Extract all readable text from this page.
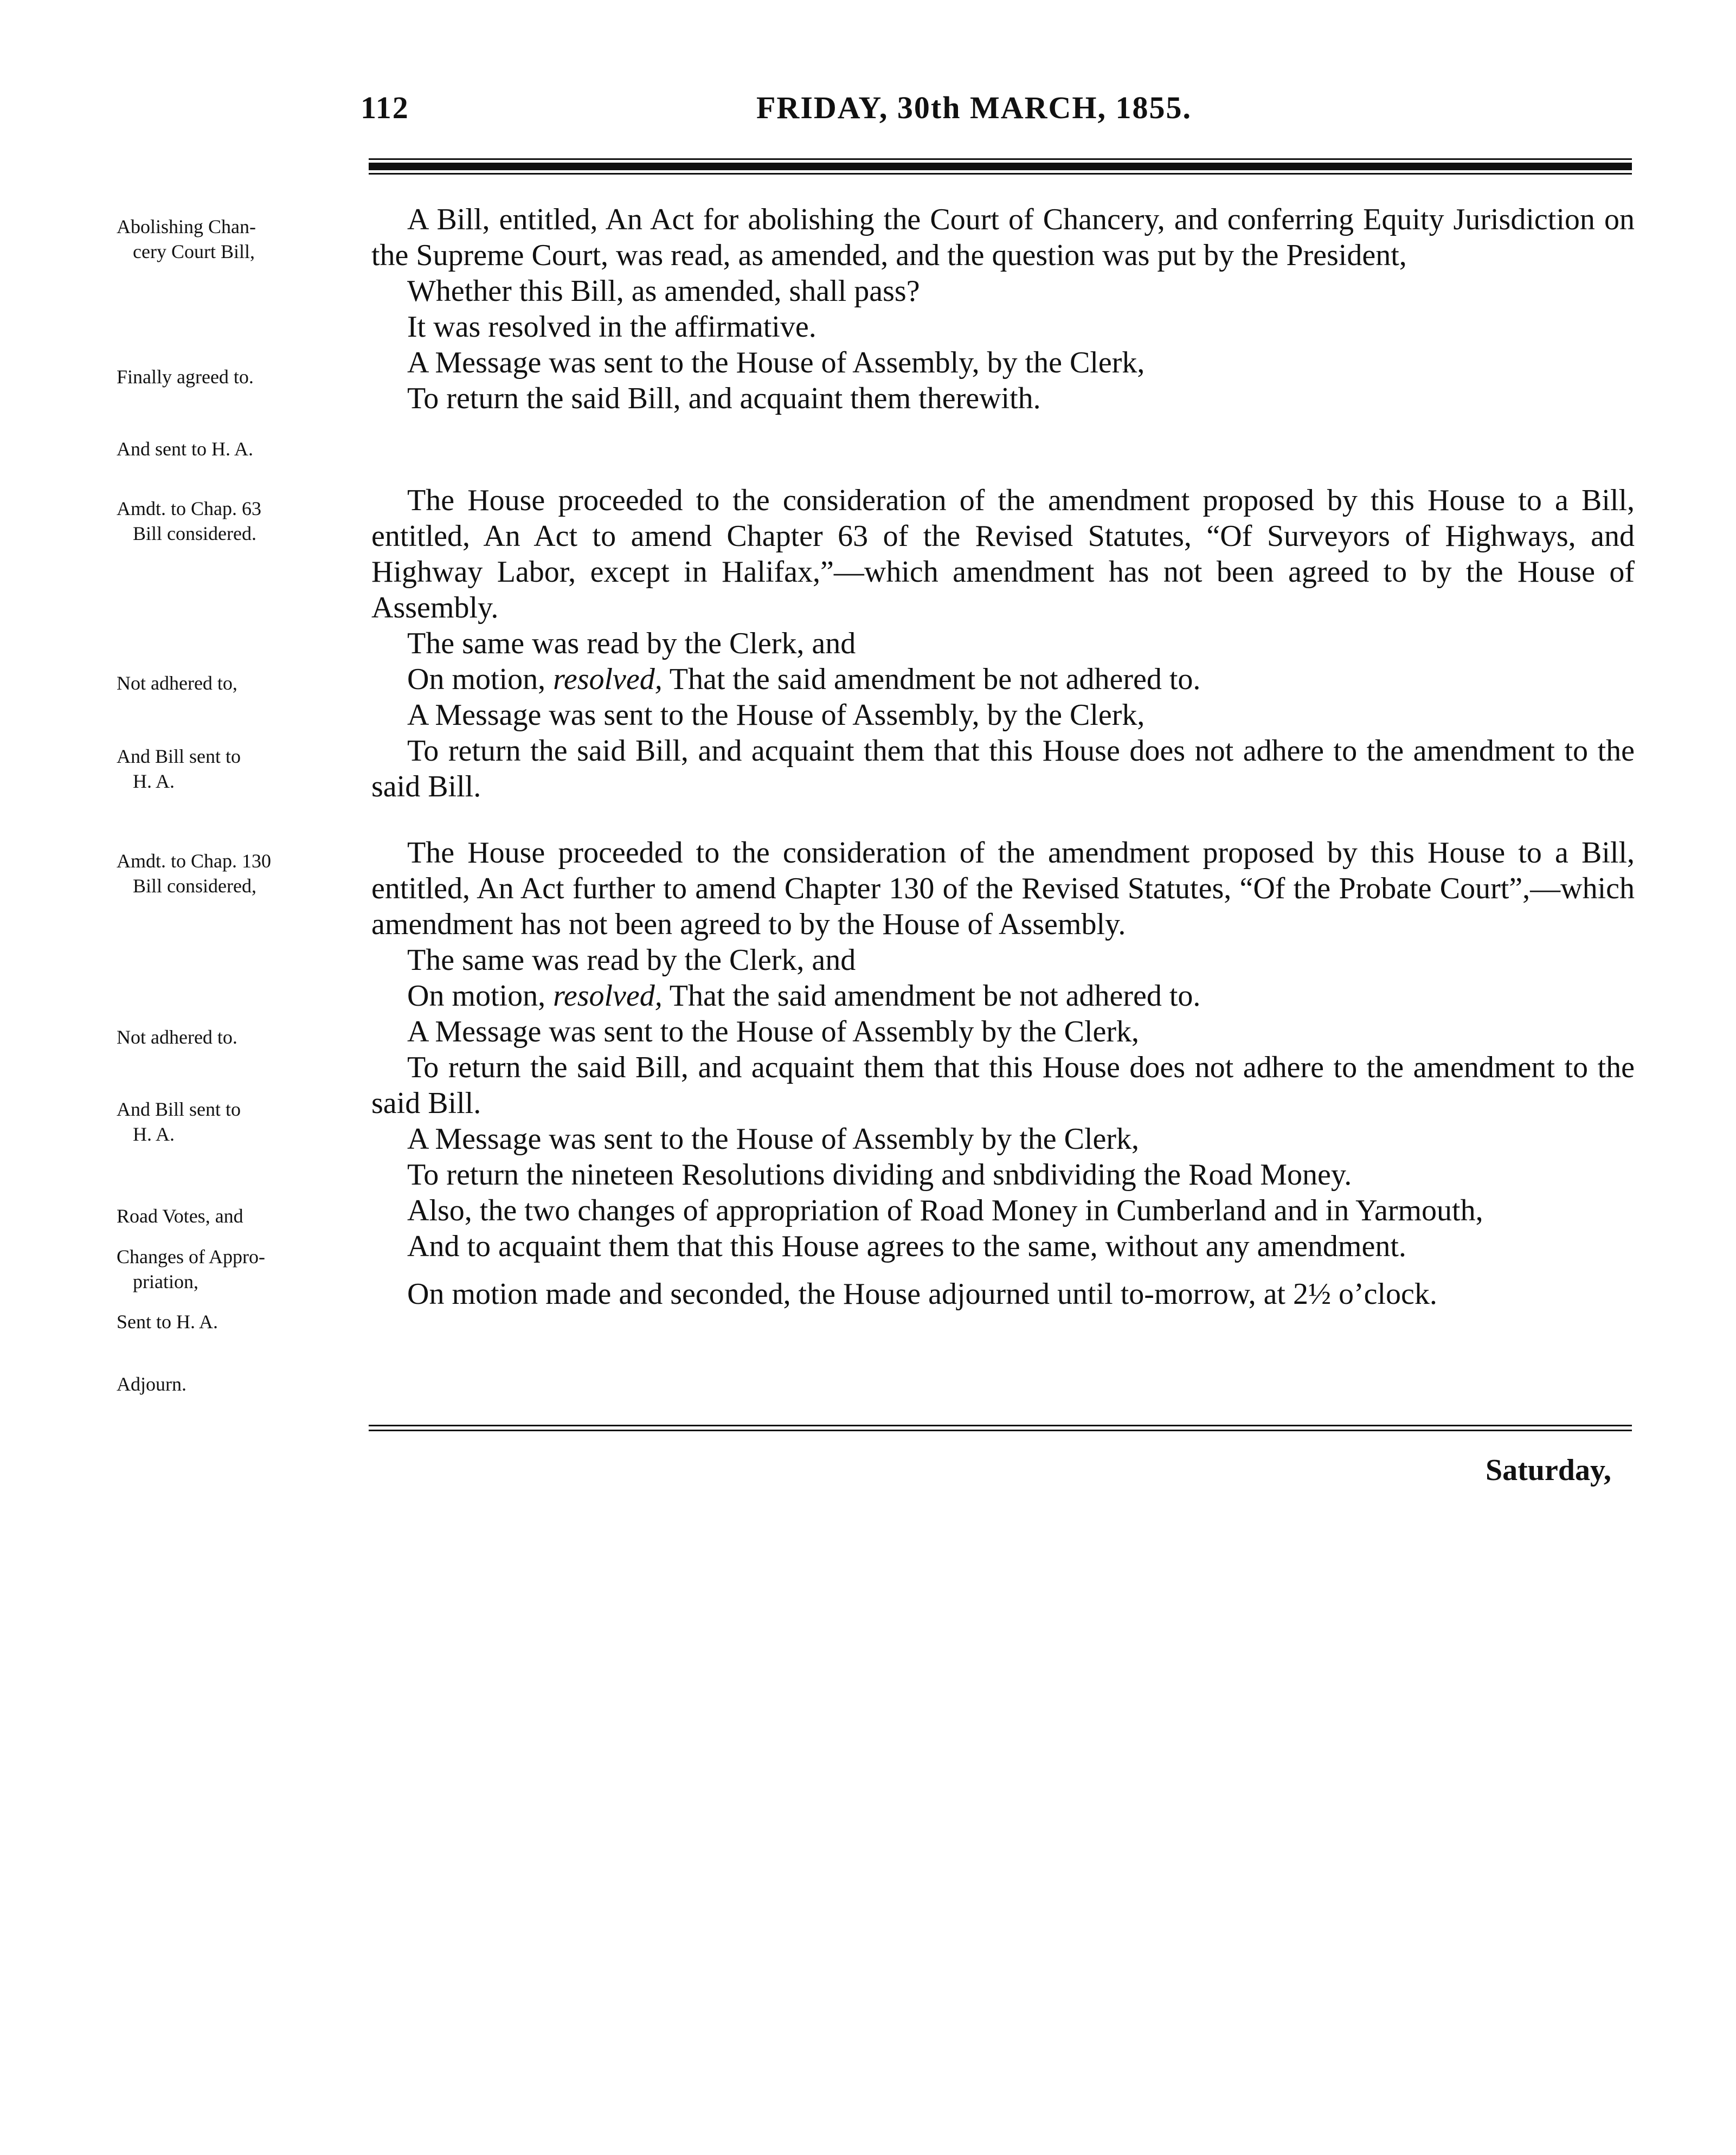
112	FRIDAY, 30th MARCH, 1855.
Abolishing Chan-
cery Court Bill,
Finally agreed to.
And sent to H. A.

A Bill, entitled, An Act for abolishing the Court of Chancery, and conferring Equity Jurisdiction on the Supreme Court, was read, as amended, and the question was put by the President,

Whether this Bill, as amended, shall pass?

It was resolved in the affirmative.

A Message was sent to the House of Assembly, by the Clerk,

To return the said Bill, and acquaint them therewith.

Amdt. to Chap. 63
Bill considered.
Not adhered to,
And Bill sent to
H. A.

The House proceeded to the consideration of the amendment proposed by this House to a Bill, entitled, An Act to amend Chapter 63 of the Revised Statutes, “Of Surveyors of Highways, and Highway Labor, except in Halifax,”—which amendment has not been agreed to by the House of Assembly.

The same was read by the Clerk, and

On motion, resolved, That the said amendment be not adhered to.

A Message was sent to the House of Assembly, by the Clerk,

To return the said Bill, and acquaint them that this House does not adhere to the amendment to the said Bill.

Amdt. to Chap. 130
Bill considered,
Not adhered to.
And Bill sent to
H. A.
Road Votes, and
Changes of Appro-
priation,
Sent to H. A.
Adjourn.

The House proceeded to the consideration of the amendment proposed by this House to a Bill, entitled, An Act further to amend Chapter 130 of the Revised Statutes, “Of the Probate Court”,—which amendment has not been agreed to by the House of Assembly.

The same was read by the Clerk, and

On motion, resolved, That the said amendment be not adhered to.

A Message was sent to the House of Assembly by the Clerk,

To return the said Bill, and acquaint them that this House does not adhere to the amendment to the said Bill.

A Message was sent to the House of Assembly by the Clerk,

To return the nineteen Resolutions dividing and snbdividing the Road Money.

Also, the two changes of appropriation of Road Money in Cumberland and in Yarmouth,

And to acquaint them that this House agrees to the same, without any amendment.

On motion made and seconded, the House adjourned until to-morrow, at 2½ o’clock.

Saturday,
